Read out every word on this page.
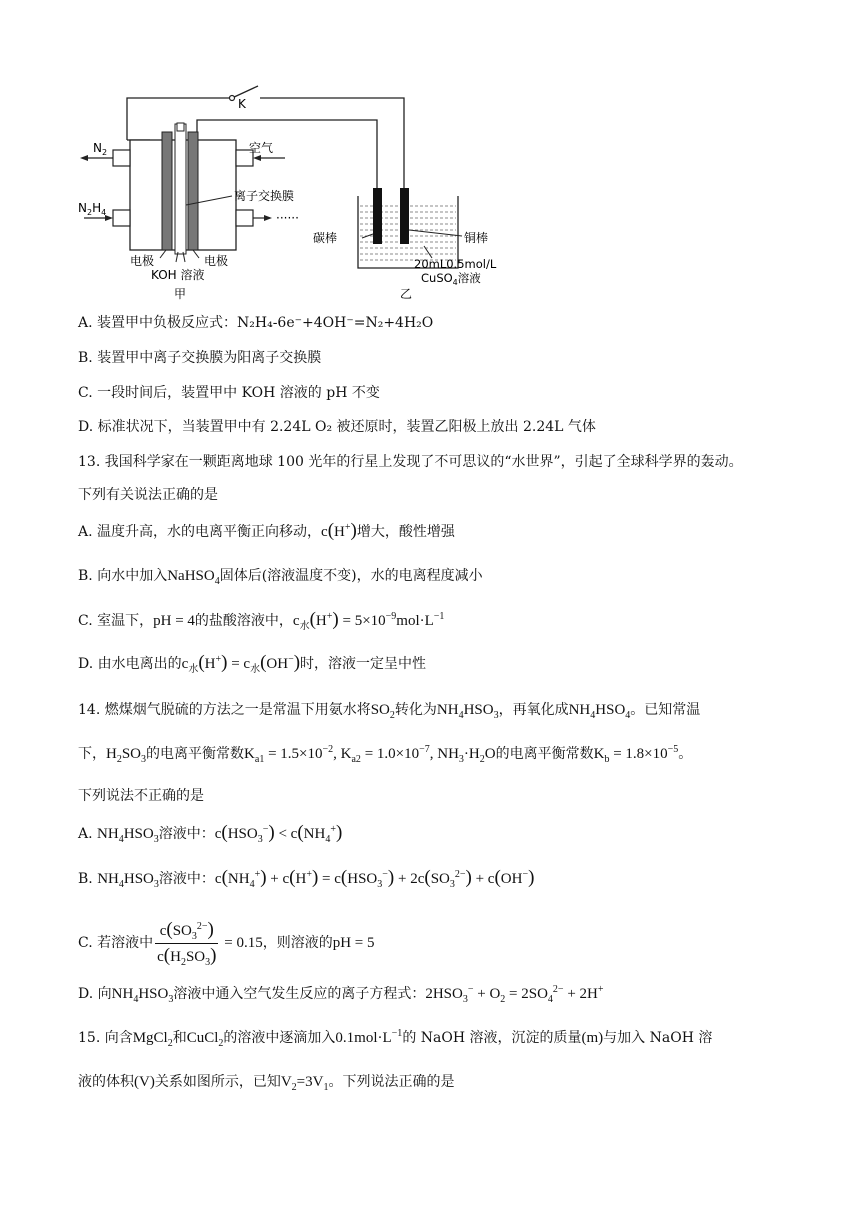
K
······
$N_2$	空气
$N_2H_4$
离子交换膜
电极	电极
KOH 溶液
甲
碳棒	铜棒
20mL0.5mol/L
CuSO$_4$溶液
乙
A. 装置甲中负极反应式：N₂H₄-6e⁻+4OH⁻=N₂+4H₂O
B. 装置甲中离子交换膜为阳离子交换膜
C. 一段时间后，装置甲中 KOH 溶液的 pH 不变
D. 标准状况下，当装置甲中有 2.24L O₂ 被还原时，装置乙阳极上放出 2.24L 气体
13. 我国科学家在一颗距离地球 100 光年的行星上发现了不可思议的“水世界”，引起了全球科学界的轰动。
下列有关说法正确的是
A. 温度升高，水的电离平衡正向移动，c(H+)增大，酸性增强
B. 向水中加入NaHSO$_4$固体后(溶液温度不变)，水的电离程度减小
C. 室温下，pH = 4的盐酸溶液中，$c_水(H^+) = 5\times 10^{-9}mol\cdot L^{-1}$
D. 由水电离出的$c_水(H^+) = c_水(OH^-)$时，溶液一定呈中性
14. 燃煤烟气脱硫的方法之一是常温下用氨水将$SO_2$转化为$NH_4HSO_3$，再氧化成$NH_4HSO_4$。已知常温
下，$H_2SO_3$的电离平衡常数$K_{a1} = 1.5\times 10^{-2}$, $K_{a2} = 1.0\times 10^{-7}$, $NH_3\cdot H_2O$的电离平衡常数$K_b = 1.8\times 10^{-5}$。
下列说法不正确的是
A. $NH_4HSO_3$溶液中：$c(HSO_3^-) < c(NH_4^+)$
B. $NH_4HSO_3$溶液中：$c(NH_4^+) + c(H^+) = c(HSO_3^-) + 2c(SO_3^{2-}) + c(OH^-)$
C. 若溶液中 $\frac{c(SO_3^{2-})}{c(H_2SO_3)} = 0.15$，则溶液的pH = 5
D. 向$NH_4HSO_3$溶液中通入空气发生反应的离子方程式：$2HSO_3^- + O_2 = 2SO_4^{2-} + 2H^+$
15. 向含MgCl$_2$和CuCl$_2$的溶液中逐滴加入$0.1mol\cdot L^{-1}$的 NaOH 溶液，沉淀的质量(m)与加入 NaOH 溶
液的体积(V)关系如图所示，已知$V_2=3V_1$。下列说法正确的是
